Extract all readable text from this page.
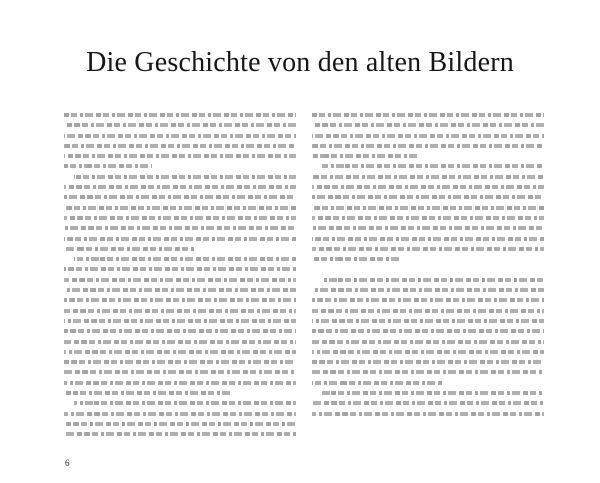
Die Geschichte von den alten Bildern

6
